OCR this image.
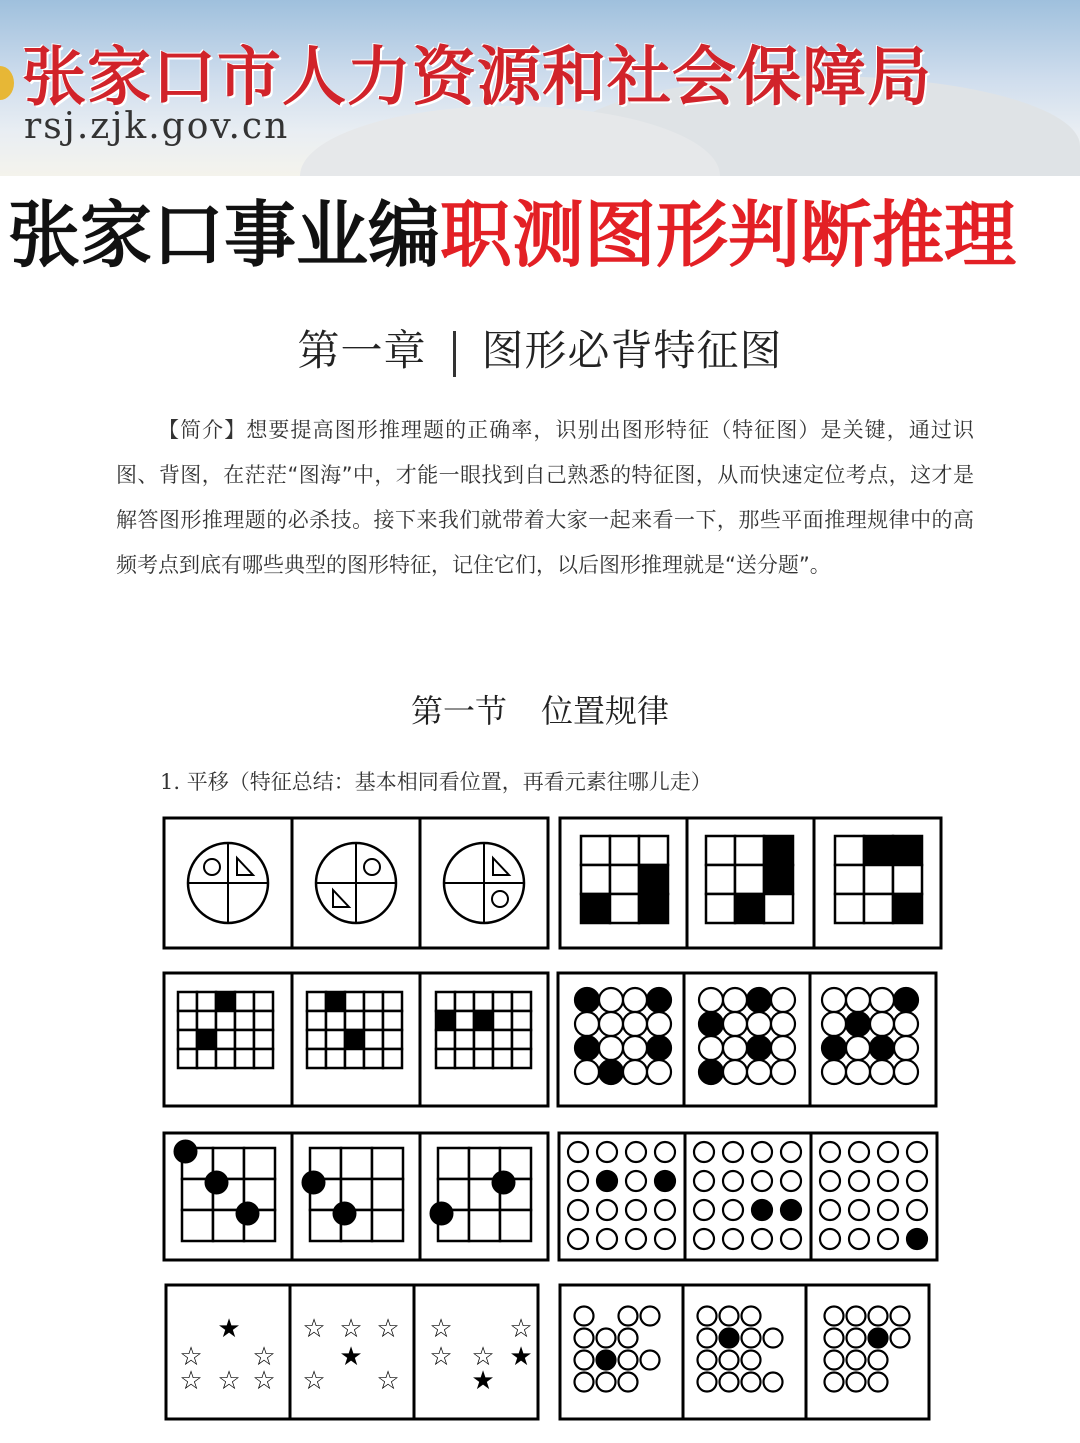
张家口市人力资源和社会保障局
rsj.zjk.gov.cn
张家口事业编职测图形判断推理
第一章 图形必背特征图
【简介】想要提高图形推理题的正确率，识别出图形特征（特征图）是关键，通过识图、背图，在茫茫“图海”中，才能一眼找到自己熟悉的特征图，从而快速定位考点，这才是解答图形推理题的必杀技。接下来我们就带着大家一起来看一下，那些平面推理规律中的高频考点到底有哪些典型的图形特征，记住它们，以后图形推理就是“送分题”。
第一节 位置规律
1. 平移（特征总结：基本相同看位置，再看元素往哪儿走）
★
☆ ☆
☆ ☆ ☆
☆ ☆ ☆
★
☆ ☆
☆ ☆
☆ ☆ ★
★
